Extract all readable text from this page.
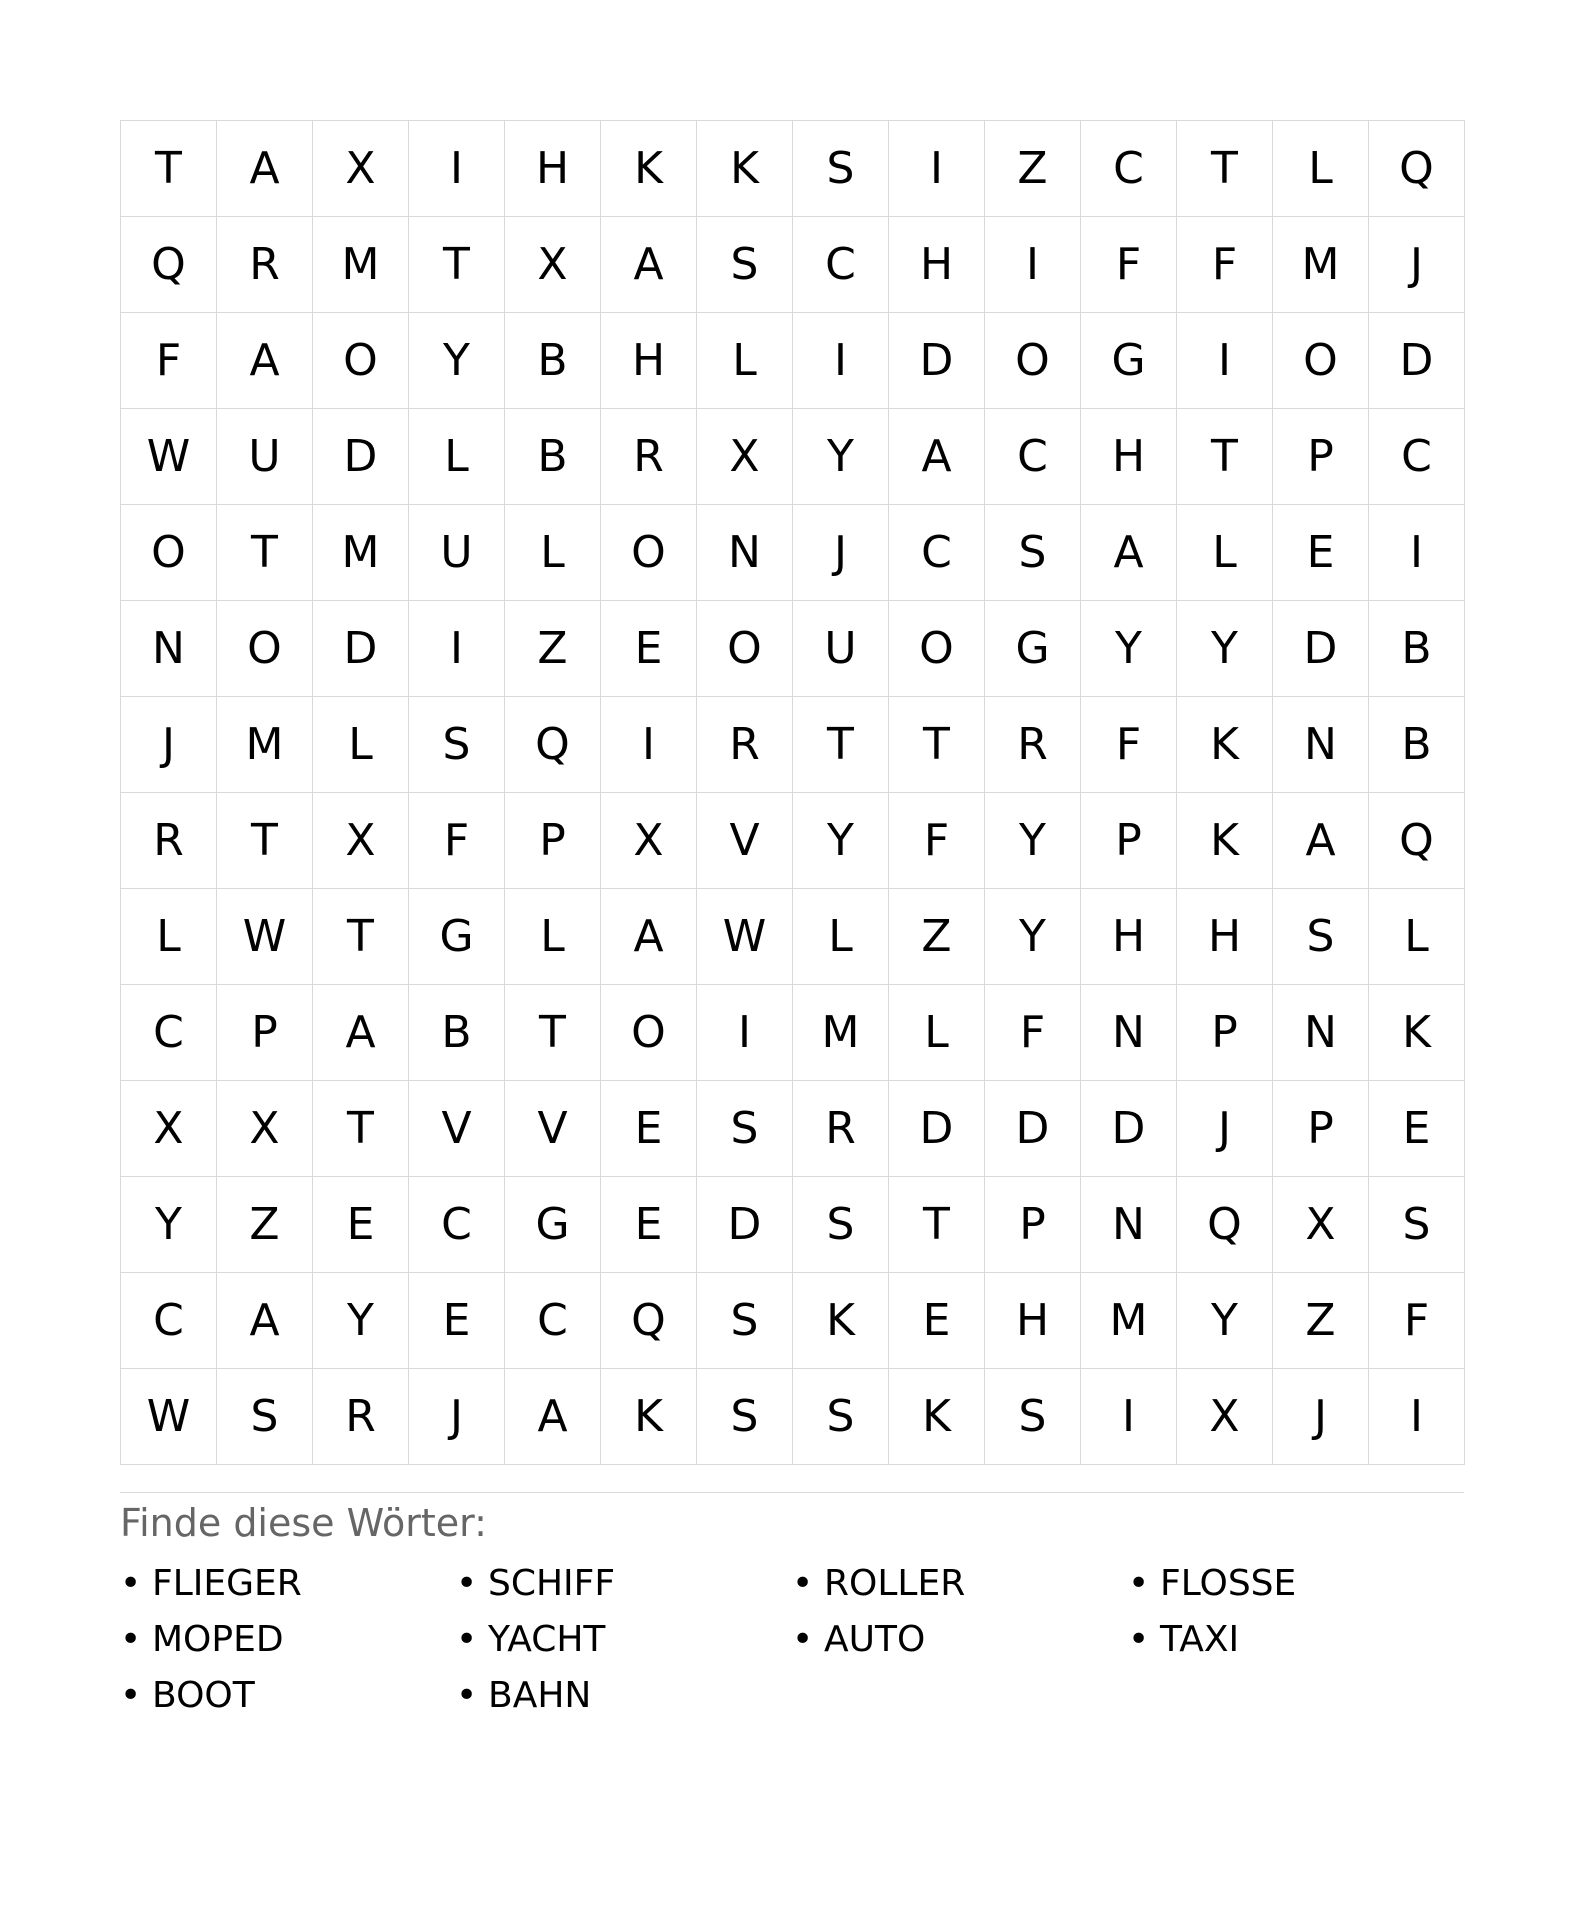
T	A	X	I	H	K	K	S	I	Z	C	T	L	Q
Q	R	M	T	X	A	S	C	H	I	F	F	M	J
F	A	O	Y	B	H	L	I	D	O	G	I	O	D
W	U	D	L	B	R	X	Y	A	C	H	T	P	C
O	T	M	U	L	O	N	J	C	S	A	L	E	I
N	O	D	I	Z	E	O	U	O	G	Y	Y	D	B
J	M	L	S	Q	I	R	T	T	R	F	K	N	B
R	T	X	F	P	X	V	Y	F	Y	P	K	A	Q
L	W	T	G	L	A	W	L	Z	Y	H	H	S	L
C	P	A	B	T	O	I	M	L	F	N	P	N	K
X	X	T	V	V	E	S	R	D	D	D	J	P	E
Y	Z	E	C	G	E	D	S	T	P	N	Q	X	S
C	A	Y	E	C	Q	S	K	E	H	M	Y	Z	F
W	S	R	J	A	K	S	S	K	S	I	X	J	I
Finde diese Wörter:
• FLIEGER	• SCHIFF	• ROLLER	• FLOSSE
• MOPED	• YACHT	• AUTO	• TAXI
• BOOT	• BAHN
